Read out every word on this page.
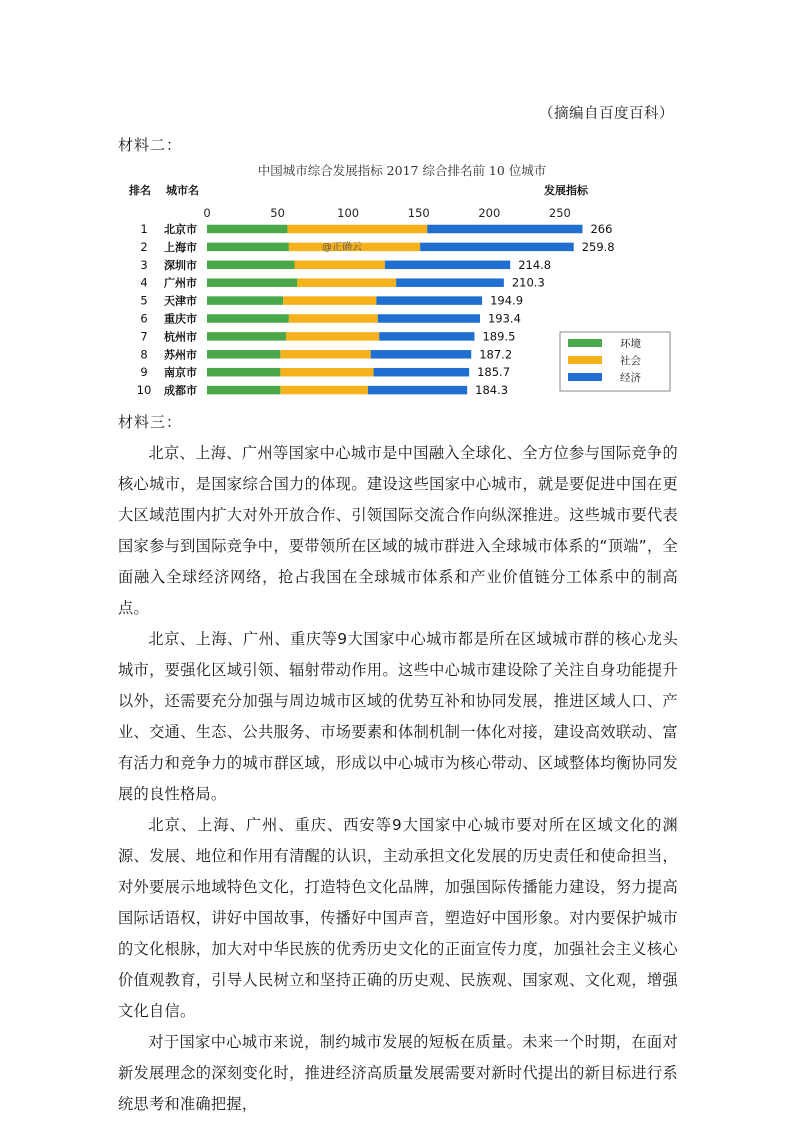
（摘编自百度百科）
材料二：
中国城市综合发展指标 2017 综合排名前 10 位城市
排名 城市名	发展指标
0	50	100	150	200	250
1 北京市	266
2 上海市	259.8
3 深圳市	214.8
4 广州市	210.3
5 天津市	194.9
6 重庆市	193.4
7 杭州市	189.5
8 苏州市	187.2
9 南京市	185.7
10 成都市	184.3
@正确云
环境
社会
经济
材料三：

北京、上海、广州等国家中心城市是中国融入全球化、全方位参与国际竞争的核心城市，是国家综合国力的体现。建设这些国家中心城市，就是要促进中国在更大区域范围内扩大对外开放合作、引领国际交流合作向纵深推进。这些城市要代表国家参与到国际竞争中，要带领所在区域的城市群进入全球城市体系的“顶端”，全面融入全球经济网络，抢占我国在全球城市体系和产业价值链分工体系中的制高点。

北京、上海、广州、重庆等9大国家中心城市都是所在区域城市群的核心龙头城市，要强化区域引领、辐射带动作用。这些中心城市建设除了关注自身功能提升以外，还需要充分加强与周边城市区域的优势互补和协同发展，推进区域人口、产业、交通、生态、公共服务、市场要素和体制机制一体化对接，建设高效联动、富有活力和竞争力的城市群区域，形成以中心城市为核心带动、区域整体均衡协同发展的良性格局。

北京、上海、广州、重庆、西安等9大国家中心城市要对所在区域文化的渊源、发展、地位和作用有清醒的认识，主动承担文化发展的历史责任和使命担当，对外要展示地域特色文化，打造特色文化品牌，加强国际传播能力建设，努力提高国际话语权，讲好中国故事，传播好中国声音，塑造好中国形象。对内要保护城市的文化根脉，加大对中华民族的优秀历史文化的正面宣传力度，加强社会主义核心价值观教育，引导人民树立和坚持正确的历史观、民族观、国家观、文化观，增强文化自信。

对于国家中心城市来说，制约城市发展的短板在质量。未来一个时期，在面对新发展理念的深刻变化时，推进经济高质量发展需要对新时代提出的新目标进行系统思考和准确把握，
